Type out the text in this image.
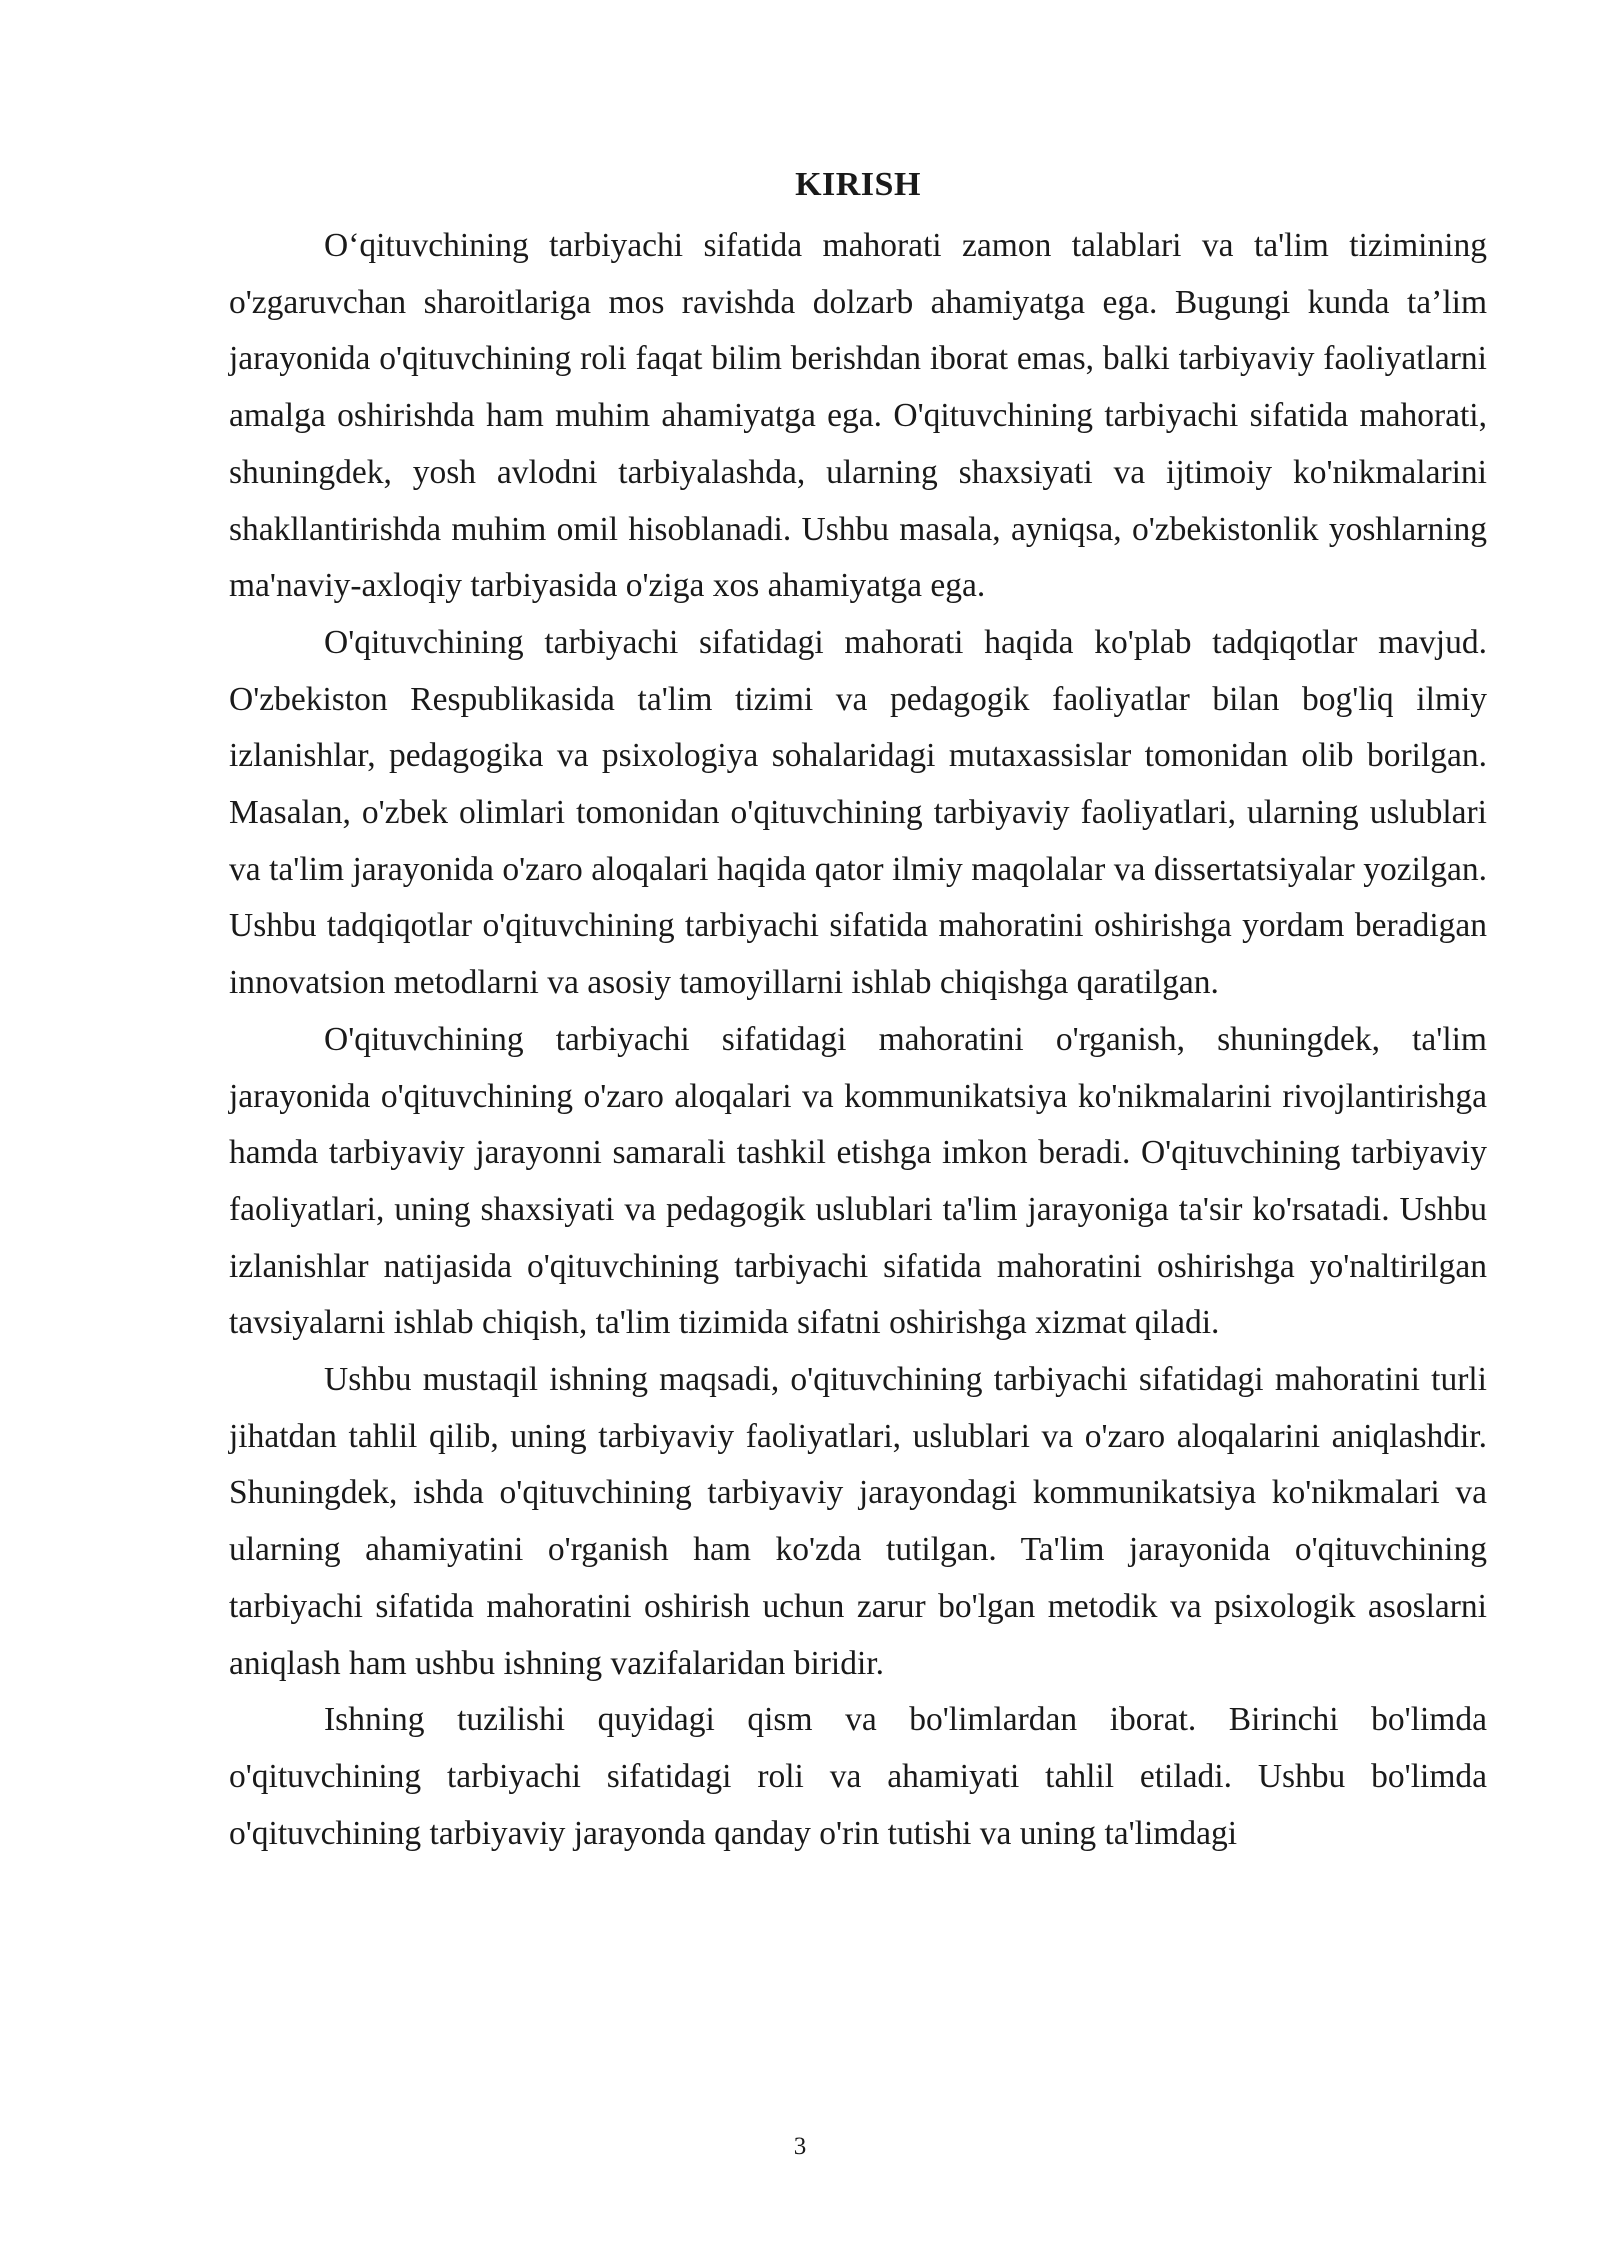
KIRISH

O‘qituvchining tarbiyachi sifatida mahorati zamon talablari va ta'lim tizimining o'zgaruvchan sharoitlariga mos ravishda dolzarb ahamiyatga ega. Bugungi kunda ta’lim jarayonida o'qituvchining roli faqat bilim berishdan iborat emas, balki tarbiyaviy faoliyatlarni amalga oshirishda ham muhim ahamiyatga ega. O'qituvchining tarbiyachi sifatida mahorati, shuningdek, yosh avlodni tarbiyalashda, ularning shaxsiyati va ijtimoiy ko'nikmalarini shakllantirishda muhim omil hisoblanadi. Ushbu masala, ayniqsa, o'zbekistonlik yoshlarning ma'naviy-axloqiy tarbiyasida o'ziga xos ahamiyatga ega.

O'qituvchining tarbiyachi sifatidagi mahorati haqida ko'plab tadqiqotlar mavjud. O'zbekiston Respublikasida ta'lim tizimi va pedagogik faoliyatlar bilan bog'liq ilmiy izlanishlar, pedagogika va psixologiya sohalaridagi mutaxassislar tomonidan olib borilgan. Masalan, o'zbek olimlari tomonidan o'qituvchining tarbiyaviy faoliyatlari, ularning uslublari va ta'lim jarayonida o'zaro aloqalari haqida qator ilmiy maqolalar va dissertatsiyalar yozilgan. Ushbu tadqiqotlar o'qituvchining tarbiyachi sifatida mahoratini oshirishga yordam beradigan innovatsion metodlarni va asosiy tamoyillarni ishlab chiqishga qaratilgan.

O'qituvchining tarbiyachi sifatidagi mahoratini o'rganish, shuningdek, ta'lim jarayonida o'qituvchining o'zaro aloqalari va kommunikatsiya ko'nikmalarini rivojlantirishga hamda tarbiyaviy jarayonni samarali tashkil etishga imkon beradi. O'qituvchining tarbiyaviy faoliyatlari, uning shaxsiyati va pedagogik uslublari ta'lim jarayoniga ta'sir ko'rsatadi. Ushbu izlanishlar natijasida o'qituvchining tarbiyachi sifatida mahoratini oshirishga yo'naltirilgan tavsiyalarni ishlab chiqish, ta'lim tizimida sifatni oshirishga xizmat qiladi.

Ushbu mustaqil ishning maqsadi, o'qituvchining tarbiyachi sifatidagi mahoratini turli jihatdan tahlil qilib, uning tarbiyaviy faoliyatlari, uslublari va o'zaro aloqalarini aniqlashdir. Shuningdek, ishda o'qituvchining tarbiyaviy jarayondagi kommunikatsiya ko'nikmalari va ularning ahamiyatini o'rganish ham ko'zda tutilgan. Ta'lim jarayonida o'qituvchining tarbiyachi sifatida mahoratini oshirish uchun zarur bo'lgan metodik va psixologik asoslarni aniqlash ham ushbu ishning vazifalaridan biridir.

Ishning tuzilishi quyidagi qism va bo'limlardan iborat. Birinchi bo'limda o'qituvchining tarbiyachi sifatidagi roli va ahamiyati tahlil etiladi. Ushbu bo'limda o'qituvchining tarbiyaviy jarayonda qanday o'rin tutishi va uning ta'limdagi

3
